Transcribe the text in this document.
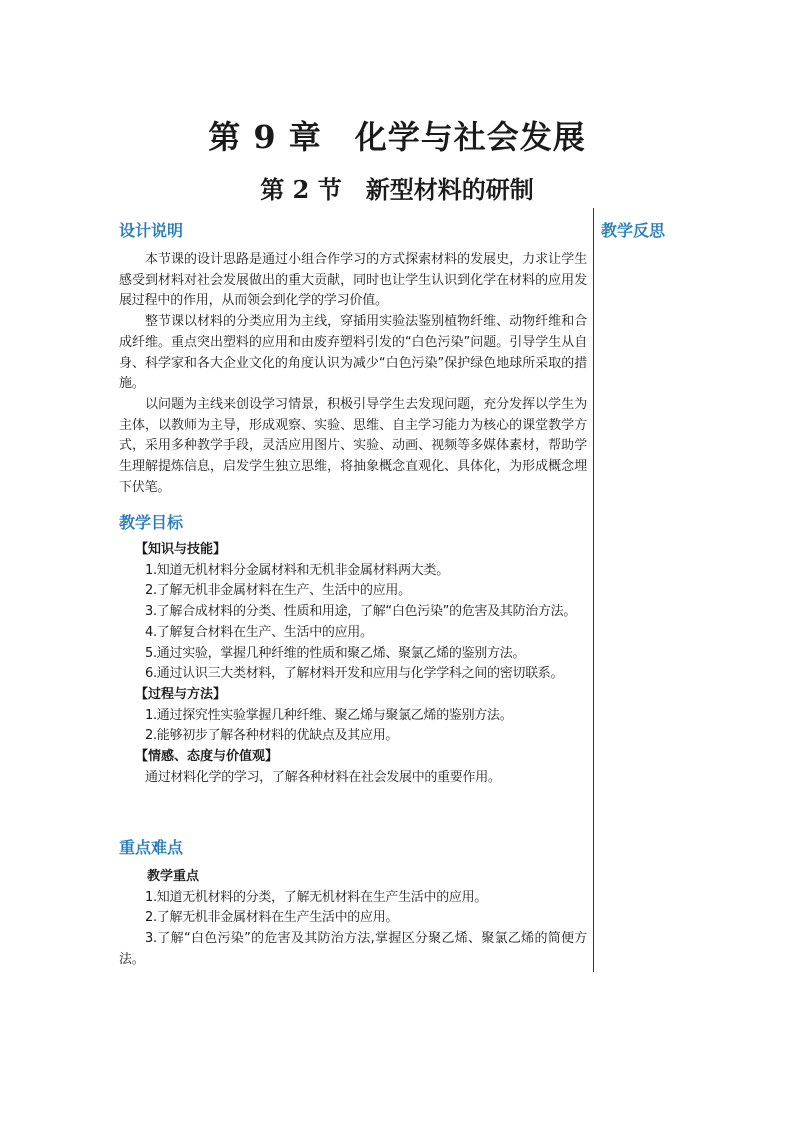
第 9 章　化学与社会发展
第 2 节　新型材料的研制
教学反思
设计说明

本节课的设计思路是通过小组合作学习的方式探索材料的发展史，力求让学生感受到材料对社会发展做出的重大贡献，同时也让学生认识到化学在材料的应用发展过程中的作用，从而领会到化学的学习价值。

整节课以材料的分类应用为主线，穿插用实验法鉴别植物纤维、动物纤维和合成纤维。重点突出塑料的应用和由废弃塑料引发的“白色污染”问题。引导学生从自身、科学家和各大企业文化的角度认识为减少“白色污染”保护绿色地球所采取的措施。

以问题为主线来创设学习情景，积极引导学生去发现问题，充分发挥以学生为主体，以教师为主导，形成观察、实验、思维、自主学习能力为核心的课堂教学方式，采用多种教学手段，灵活应用图片、实验、动画、视频等多媒体素材，帮助学生理解提炼信息，启发学生独立思维，将抽象概念直观化、具体化，为形成概念埋下伏笔。

教学目标

【知识与技能】

1.知道无机材料分金属材料和无机非金属材料两大类。

2.了解无机非金属材料在生产、生活中的应用。

3.了解合成材料的分类、性质和用途，了解“白色污染”的危害及其防治方法。

4.了解复合材料在生产、生活中的应用。

5.通过实验，掌握几种纤维的性质和聚乙烯、聚氯乙烯的鉴别方法。

6.通过认识三大类材料，了解材料开发和应用与化学学科之间的密切联系。

【过程与方法】

1.通过探究性实验掌握几种纤维、聚乙烯与聚氯乙烯的鉴别方法。

2.能够初步了解各种材料的优缺点及其应用。

【情感、态度与价值观】

通过材料化学的学习，了解各种材料在社会发展中的重要作用。

重点难点

教学重点

1.知道无机材料的分类，了解无机材料在生产生活中的应用。

2.了解无机非金属材料在生产生活中的应用。

3.了解“白色污染”的危害及其防治方法,掌握区分聚乙烯、聚氯乙烯的简便方法。
